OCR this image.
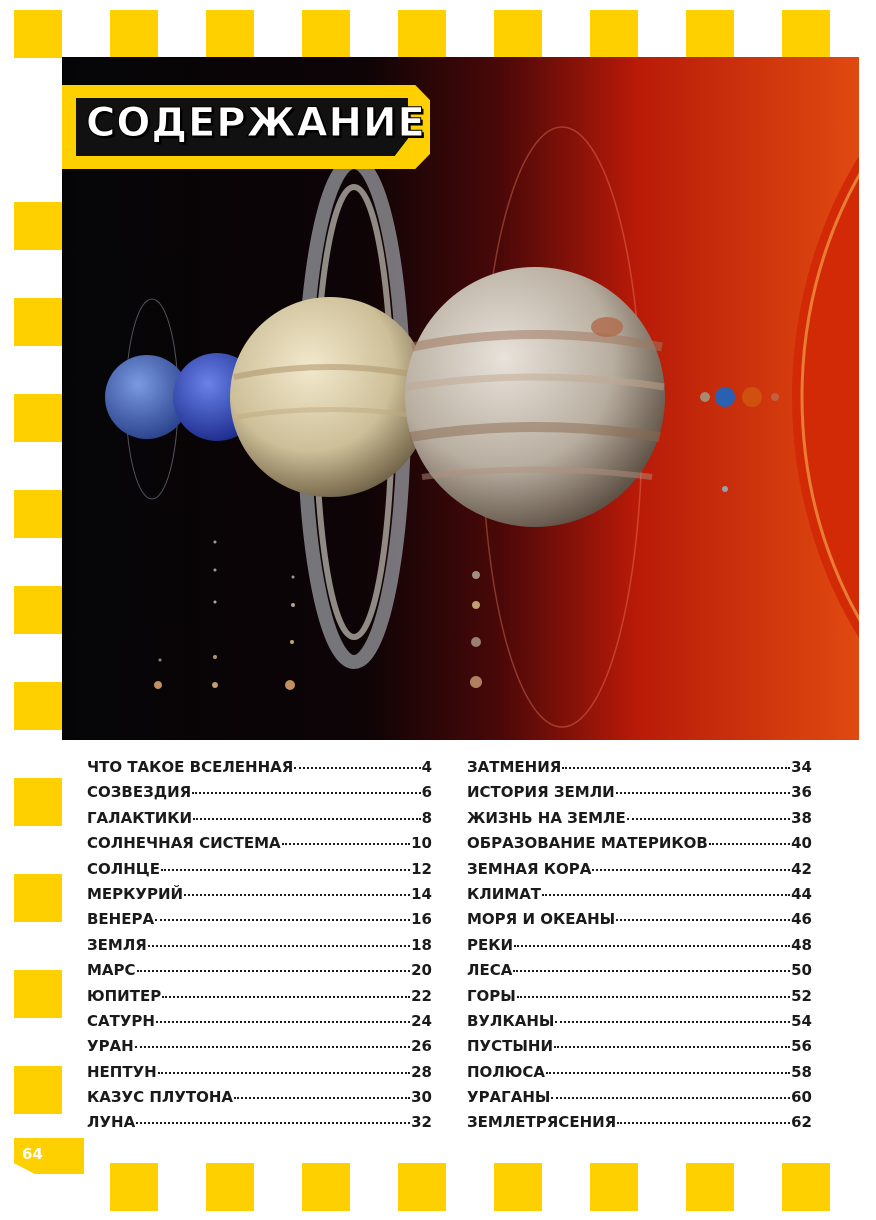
СОДЕРЖАНИЕ
ЧТО ТАКОЕ ВСЕЛЕННАЯ	4
СОЗВЕЗДИЯ	6
ГАЛАКТИКИ	8
СОЛНЕЧНАЯ СИСТЕМА	10
СОЛНЦЕ	12
МЕРКУРИЙ	14
ВЕНЕРА	16
ЗЕМЛЯ	18
МАРС	20
ЮПИТЕР	22
САТУРН	24
УРАН	26
НЕПТУН	28
КАЗУС ПЛУТОНА	30
ЛУНА	32
ЗАТМЕНИЯ	34
ИСТОРИЯ ЗЕМЛИ	36
ЖИЗНЬ НА ЗЕМЛЕ	38
ОБРАЗОВАНИЕ МАТЕРИКОВ	40
ЗЕМНАЯ КОРА	42
КЛИМАТ	44
МОРЯ И ОКЕАНЫ	46
РЕКИ	48
ЛЕСА	50
ГОРЫ	52
ВУЛКАНЫ	54
ПУСТЫНИ	56
ПОЛЮСА	58
УРАГАНЫ	60
ЗЕМЛЕТРЯСЕНИЯ	62
64
